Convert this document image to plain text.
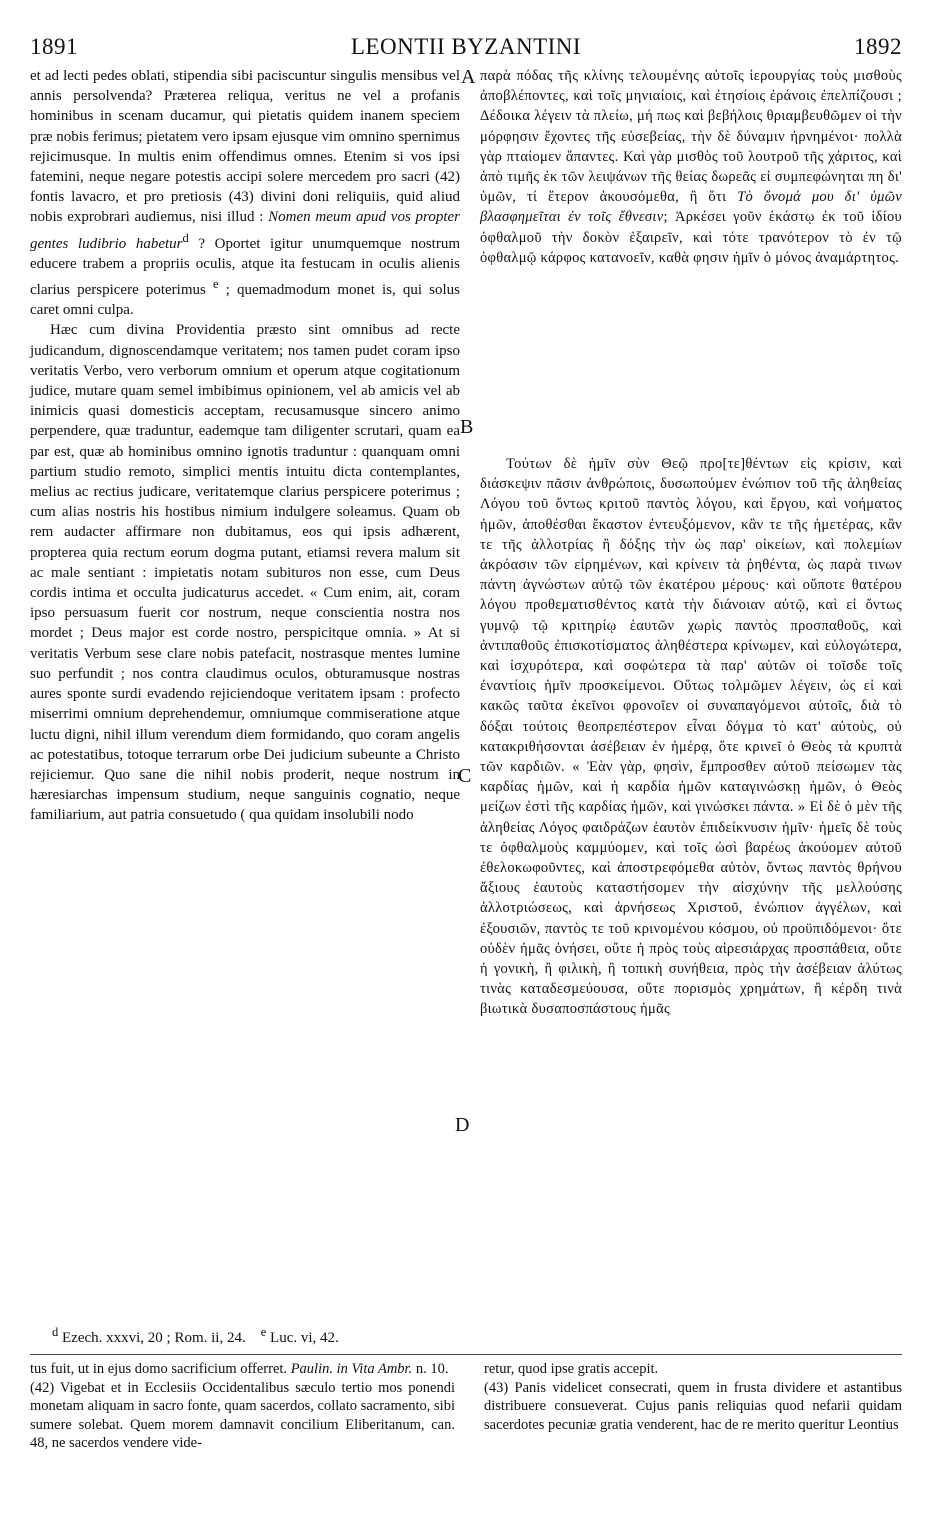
1891	LEONTII BYZANTINI	1892
A
B
C
D

et ad lecti pedes oblati, stipendia sibi paciscuntur singulis mensibus vel annis persolvenda? Præterea reliqua, veritus ne vel a profanis hominibus in scenam ducamur, qui pietatis quidem inanem speciem præ nobis ferimus; pietatem vero ipsam ejusque vim omnino spernimus rejicimusque. In multis enim offendimus omnes. Etenim si vos ipsi fatemini, neque negare potestis accipi solere mercedem pro sacri (42) fontis lavacro, et pro pretiosis (43) divini doni reliquiis, quid aliud nobis exprobrari audiemus, nisi illud : Nomen meum apud vos propter gentes ludibrio habetur$^d$ ? Oportet igitur unumquemque nostrum educere trabem a propriis oculis, atque ita festucam in oculis alienis clarius perspicere poterimus $^e$ ; quemadmodum monet is, qui solus caret omni culpa.

Hæc cum divina Providentia præsto sint omnibus ad recte judicandum, dignoscendamque veritatem; nos tamen pudet coram ipso veritatis Verbo, vero verborum omnium et operum atque cogitationum judice, mutare quam semel imbibimus opinionem, vel ab amicis vel ab inimicis quasi domesticis acceptam, recusamusque sincero animo perpendere, quæ traduntur, eademque tam diligenter scrutari, quam ea par est, quæ ab hominibus omnino ignotis traduntur : quanquam omni partium studio remoto, simplici mentis intuitu dicta contemplantes, melius ac rectius judicare, veritatemque clarius perspicere poterimus ; cum alias nostris his hostibus nimium indulgere soleamus. Quam ob rem audacter affirmare non dubitamus, eos qui ipsis adhærent, propterea quia rectum eorum dogma putant, etiamsi revera malum sit ac male sentiant : impietatis notam subituros non esse, cum Deus cordis intima et occulta judicaturus accedet. « Cum enim, ait, coram ipso persuasum fuerit cor nostrum, neque conscientia nostra nos mordet ; Deus major est corde nostro, perspicitque omnia. » At si veritatis Verbum sese clare nobis patefacit, nostrasque mentes lumine suo perfundit ; nos contra claudimus oculos, obturamusque nostras aures sponte surdi evadendo rejiciendoque veritatem ipsam : profecto miserrimi omnium deprehendemur, omniumque commiseratione atque luctu digni, nihil illum verendum diem formidando, quo coram angelis ac potestatibus, totoque terrarum orbe Dei judicium subeunte a Christo rejiciemur. Quo sane die nihil nobis proderit, neque nostrum in hæresiarchas impensum studium, neque sanguinis cognatio, neque familiarium, aut patria consuetudo ( qua quidam insolubili nodo

παρὰ πόδας τῆς κλίνης τελουμένης αὐτοῖς ἱερουργίας τοὺς μισθοὺς ἀποβλέποντες, καὶ τοῖς μηνιαίοις, καὶ ἐτησίοις ἐράνοις ἐπελπίζουσι ; Δέδοικα λέγειν τὰ πλείω, μή πως καὶ βεβήλοις θριαμβευθῶμεν οἱ τὴν μόρφησιν ἔχοντες τῆς εὐσεβείας, τὴν δὲ δύναμιν ἠρνημένοι· πολλὰ γὰρ πταίομεν ἅπαντες. Καὶ γὰρ μισθὸς τοῦ λουτροῦ τῆς χάριτος, καὶ ἀπὸ τιμῆς ἐκ τῶν λειψάνων τῆς θείας δωρεᾶς εἰ συμπεφώνηται πη δι' ὑμῶν, τί ἕτερον ἀκουσόμεθα, ἢ ὅτι Τὸ ὄνομά μου δι' ὑμῶν βλασφημεῖται ἐν τοῖς ἔθνεσιν; Ἀρκέσει γοῦν ἑκάστῳ ἐκ τοῦ ἰδίου ὀφθαλμοῦ τὴν δοκὸν ἐξαιρεῖν, καὶ τότε τρανότερον τὸ ἐν τῷ ὀφθαλμῷ κάρφος κατανοεῖν, καθὰ φησιν ἡμῖν ὁ μόνος ἀναμάρτητος.

Τούτων δὲ ἡμῖν σὺν Θεῷ προ[τε]θέντων εἰς κρίσιν, καὶ διάσκεψιν πᾶσιν ἀνθρώποις, δυσωπούμεν ἐνώπιον τοῦ τῆς ἀληθείας Λόγου τοῦ ὄντως κριτοῦ παντὸς λόγου, καὶ ἔργου, καὶ νοήματος ἡμῶν, ἀποθέσθαι ἕκαστον ἐντευξόμενον, κἂν τε τῆς ἡμετέρας, κἂν τε τῆς ἀλλοτρίας ἢ δόξης τὴν ὡς παρ' οἰκείων, καὶ πολεμίων ἀκρόασιν τῶν εἰρημένων, καὶ κρίνειν τὰ ῥηθέντα, ὡς παρὰ τινων πάντη ἀγνώστων αὐτῷ τῶν ἑκατέρου μέρους· καὶ οὕποτε θατέρου λόγου προθεματισθέντος κατὰ τὴν διάνοιαν αὐτῷ, καὶ εἰ ὄντως γυμνῷ τῷ κριτηρίῳ ἑαυτῶν χωρὶς παντὸς προσπαθοῦς, καὶ ἀντιπαθοῦς ἐπισκοτίσματος ἀληθέστερα κρίνωμεν, καὶ εὐλογώτερα, καὶ ἰσχυρότερα, καὶ σοφώτερα τὰ παρ' αὐτῶν οἱ τοῖσδε τοῖς ἐναντίοις ἡμῖν προσκείμενοι. Οὕτως τολμῶμεν λέγειν, ὡς εἰ καὶ κακῶς ταῦτα ἐκεῖνοι φρονοῖεν οἱ συναπαγόμενοι αὐτοῖς, διὰ τὸ δόξαι τούτοις θεοπρεπέστερον εἶναι δόγμα τὸ κατ' αὐτοὺς, οὐ κατακριθήσονται ἀσέβειαν ἐν ἡμέρᾳ, ὅτε κρινεῖ ὁ Θεὸς τὰ κρυπτὰ τῶν καρδιῶν. « Ἐὰν γὰρ, φησὶν, ἔμπροσθεν αὐτοῦ πείσωμεν τὰς καρδίας ἡμῶν, καὶ ἡ καρδία ἡμῶν καταγινώσκῃ ἡμῶν, ὁ Θεὸς μείζων ἐστὶ τῆς καρδίας ἡμῶν, καὶ γινώσκει πάντα. » Εἰ δὲ ὁ μὲν τῆς ἀληθείας Λόγος φαιδράζων ἑαυτὸν ἐπιδείκνυσιν ἡμῖν· ἡμεῖς δὲ τοὺς τε ὀφθαλμοὺς καμμύομεν, καὶ τοῖς ὠσὶ βαρέως ἀκούομεν αὐτοῦ ἐθελοκωφοῦντες, καὶ ἀποστρεφόμεθα αὐτὸν, ὄντως παντὸς θρήνου ἄξιους ἑαυτοὺς καταστήσομεν τὴν αἰσχύνην τῆς μελλούσης ἀλλοτριώσεως, καὶ ἀρνήσεως Χριστοῦ, ἐνώπιον ἀγγέλων, καὶ ἐξουσιῶν, παντὸς τε τοῦ κρινομένου κόσμου, οὐ προϋπιδόμενοι· ὅτε οὐδὲν ἡμᾶς ὀνήσει, οὔτε ἡ πρὸς τοὺς αἱρεσιάρχας προσπάθεια, οὔτε ἡ γονικὴ, ἢ φιλικὴ, ἢ τοπικὴ συνήθεια, πρὸς τὴν ἀσέβειαν ἀλύτως τινὰς καταδεσμεύουσα, οὔτε πορισμὸς χρημάτων, ἢ κέρδη τινὰ βιωτικὰ δυσαποσπάστους ἡμᾶς

$^d$ Ezech. xxxvi, 20 ; Rom. ii, 24. $^e$ Luc. vi, 42.

tus fuit, ut in ejus domo sacrificium offerret. Paulin. in Vita Ambr. n. 10.

(42) Vigebat et in Ecclesiis Occidentalibus sæculo tertio mos ponendi monetam aliquam in sacro fonte, quam sacerdos, collato sacramento, sibi sumere solebat. Quem morem damnavit concilium Eliberitanum, can. 48, ne sacerdos vendere vide-

retur, quod ipse gratis accepit.

(43) Panis videlicet consecrati, quem in frusta dividere et astantibus distribuere consueverat. Cujus panis reliquias quod nefarii quidam sacerdotes pecuniæ gratia venderent, hac de re merito queritur Leontius
